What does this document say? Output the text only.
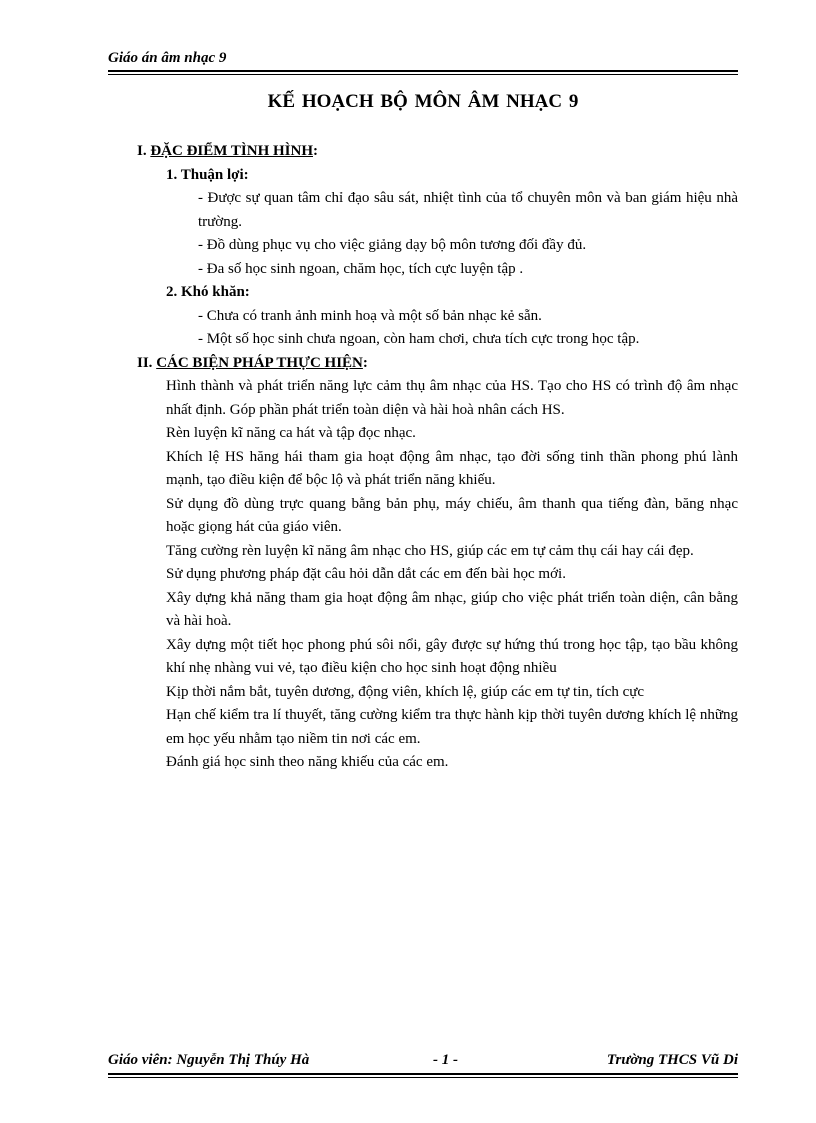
Giáo án âm nhạc 9
KẾ HOẠCH BỘ MÔN ÂM NHẠC 9
I. ĐẶC ĐIỂM TÌNH HÌNH:
1. Thuận lợi:
- Được sự quan tâm chỉ đạo sâu sát, nhiệt tình của tổ chuyên môn và ban giám hiệu nhà trường.
- Đồ dùng phục vụ cho việc giảng dạy bộ môn tương đối đầy đủ.
- Đa số học sinh ngoan, chăm học, tích cực luyện tập .
2. Khó khăn:
- Chưa có tranh ảnh minh hoạ và một số bản nhạc kẻ sẵn.
- Một số học sinh chưa ngoan, còn ham chơi, chưa tích cực trong học tập.
II. CÁC BIỆN PHÁP THỰC HIỆN:
Hình thành và phát triển năng lực cảm thụ âm nhạc của HS. Tạo cho HS có trình độ âm nhạc nhất định. Góp phần phát triển toàn diện và hài hoà nhân cách HS.
Rèn luyện kĩ năng ca hát và tập đọc nhạc.
Khích lệ HS hăng hái tham gia hoạt động âm nhạc, tạo đời sống tinh thần phong phú lành mạnh, tạo điều kiện để bộc lộ và phát triển năng khiếu.
Sử dụng đồ dùng trực quang bằng bản phụ, máy chiếu, âm thanh qua tiếng đàn, băng nhạc hoặc giọng hát của giáo viên.
Tăng cường rèn luyện kĩ năng âm nhạc cho HS, giúp các em tự cảm thụ cái hay cái đẹp.
Sử dụng phương pháp đặt câu hỏi dẫn dắt các em đến bài học mới.
Xây dựng khả năng tham gia hoạt động âm nhạc, giúp cho việc phát triển toàn diện, cân bằng và hài hoà.
Xây dựng một tiết học phong phú sôi nổi, gây được sự hứng thú trong học tập, tạo bầu không khí nhẹ nhàng vui vẻ, tạo điều kiện cho học sinh hoạt động nhiều
Kịp thời nắm bắt, tuyên dương, động viên, khích lệ, giúp các em tự tin, tích cực
Hạn chế kiểm tra lí thuyết, tăng cường kiểm tra thực hành kịp thời tuyên dương khích lệ những em học yếu nhằm tạo niềm tin nơi các em.
Đánh giá học sinh theo năng khiếu của các em.
Giáo viên: Nguyễn Thị Thúy Hà	- 1 -	Trường THCS Vũ Di
